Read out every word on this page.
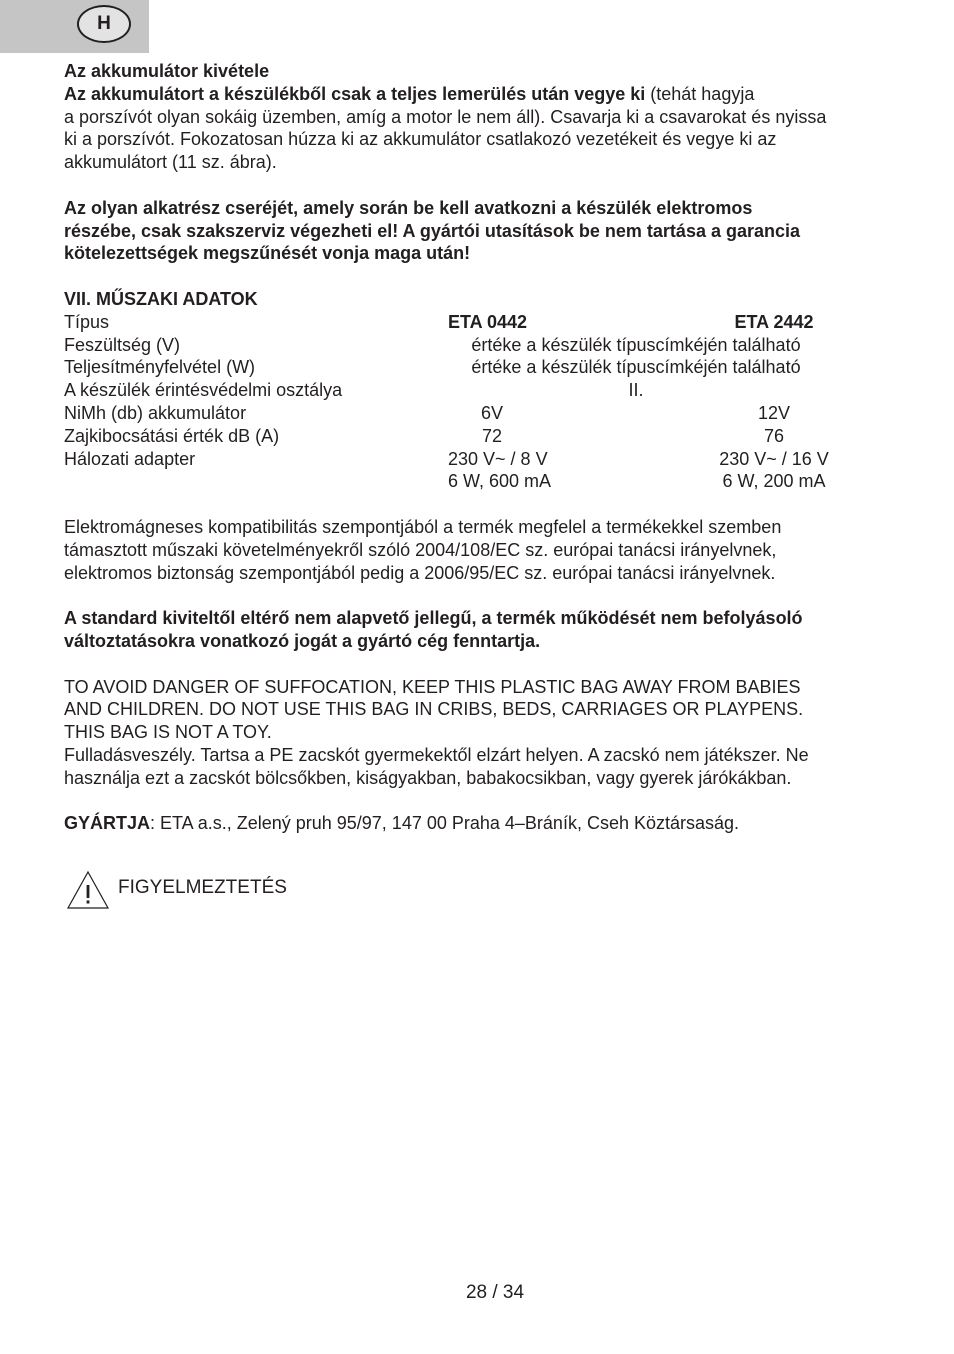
H

Az akkumulátor kivétele

Az akkumulátort a készülékből csak a teljes lemerülés után vegye ki (tehát hagyja

a porszívót olyan sokáig üzemben, amíg a motor le nem áll). Csavarja ki a csavarokat és nyissa

ki a porszívót. Fokozatosan húzza ki az akkumulátor csatlakozó vezetékeit és vegye ki az

akkumulátort (11 sz. ábra).

Az olyan alkatrész cseréjét, amely során be kell avatkozni a készülék elektromos

részébe, csak szakszerviz végezheti el! A gyártói utasítások be nem tartása a garancia

kötelezettségek megszűnését vonja maga után!

VII. MŰSZAKI ADATOK

Típus	ETA 0442	ETA 2442
Feszültség (V)	értéke a készülék típuscímkéjén található
Teljesítményfelvétel (W)	értéke a készülék típuscímkéjén található
A készülék érintésvédelmi osztálya	II.
NiMh (db) akkumulátor	6V	12V
Zajkibocsátási érték dB (A)	72	76
Hálozati adapter	230 V~ / 8 V	230 V~ / 16 V
6 W, 600 mA	6 W, 200 mA

Elektromágneses kompatibilitás szempontjából a termék megfelel a termékekkel szemben

támasztott műszaki követelményekről szóló 2004/108/EC sz. európai tanácsi irányelvnek,

elektromos biztonság szempontjából pedig a 2006/95/EC sz. európai tanácsi irányelvnek.

A standard kiviteltől eltérő nem alapvető jellegű, a termék működését nem befolyásoló

változtatásokra vonatkozó jogát a gyártó cég fenntartja.

TO AVOID DANGER OF SUFFOCATION, KEEP THIS PLASTIC BAG AWAY FROM BABIES

AND CHILDREN. DO NOT USE THIS BAG IN CRIBS, BEDS, CARRIAGES OR PLAYPENS.

THIS BAG IS NOT A TOY.

Fulladásveszély. Tartsa a PE zacskót gyermekektől elzárt helyen. A zacskó nem játékszer. Ne

használja ezt a zacskót bölcsőkben, kiságyakban, babakocsikban, vagy gyerek járókákban.

GYÁRTJA: ETA a.s., Zelený pruh 95/97, 147 00 Praha 4–Bráník, Cseh Köztársaság.

FIGYELMEZTETÉS
28 / 34
